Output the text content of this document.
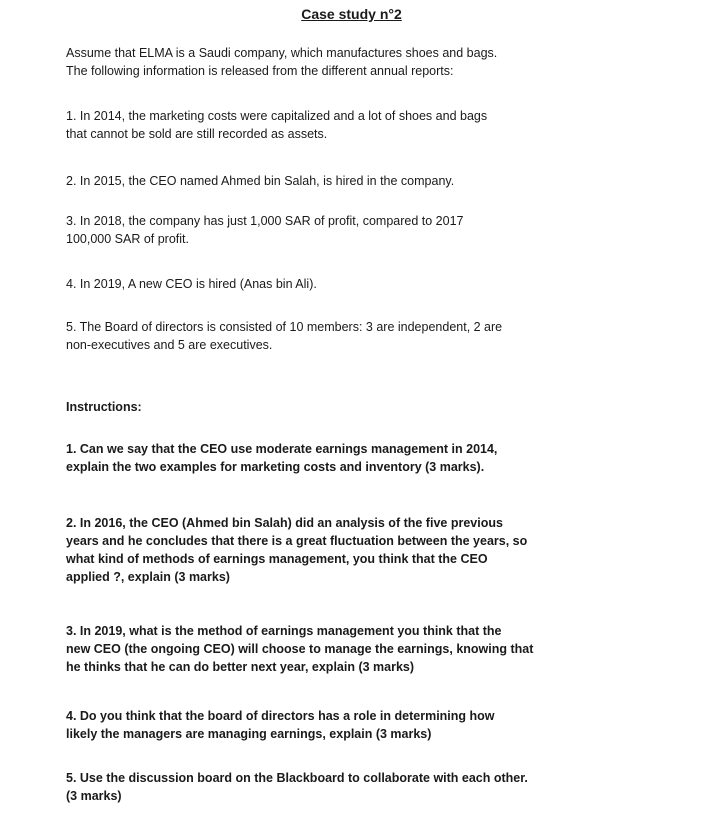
Case study n°2
Assume that ELMA is a Saudi company, which manufactures shoes and bags.
The following information is released from the different annual reports:
1. In 2014, the marketing costs were capitalized and a lot of shoes and bags
that cannot be sold are still recorded as assets.
2. In 2015, the CEO named Ahmed bin Salah, is hired in the company.
3. In 2018, the company has just 1,000 SAR of profit, compared to 2017
100,000 SAR of profit.
4. In 2019, A new CEO is hired (Anas bin Ali).
5. The Board of directors is consisted of 10 members: 3 are independent, 2 are
non-executives and 5 are executives.
Instructions:
1. Can we say that the CEO use moderate earnings management in 2014,
explain the two examples for marketing costs and inventory (3 marks).
2. In 2016, the CEO (Ahmed bin Salah) did an analysis of the five previous
years and he concludes that there is a great fluctuation between the years, so
what kind of methods of earnings management, you think that the CEO
applied ?, explain (3 marks)
3. In 2019, what is the method of earnings management you think that the
new CEO (the ongoing CEO) will choose to manage the earnings, knowing that
he thinks that he can do better next year, explain (3 marks)
4. Do you think that the board of directors has a role in determining how
likely the managers are managing earnings, explain (3 marks)
5. Use the discussion board on the Blackboard to collaborate with each other.
(3 marks)
